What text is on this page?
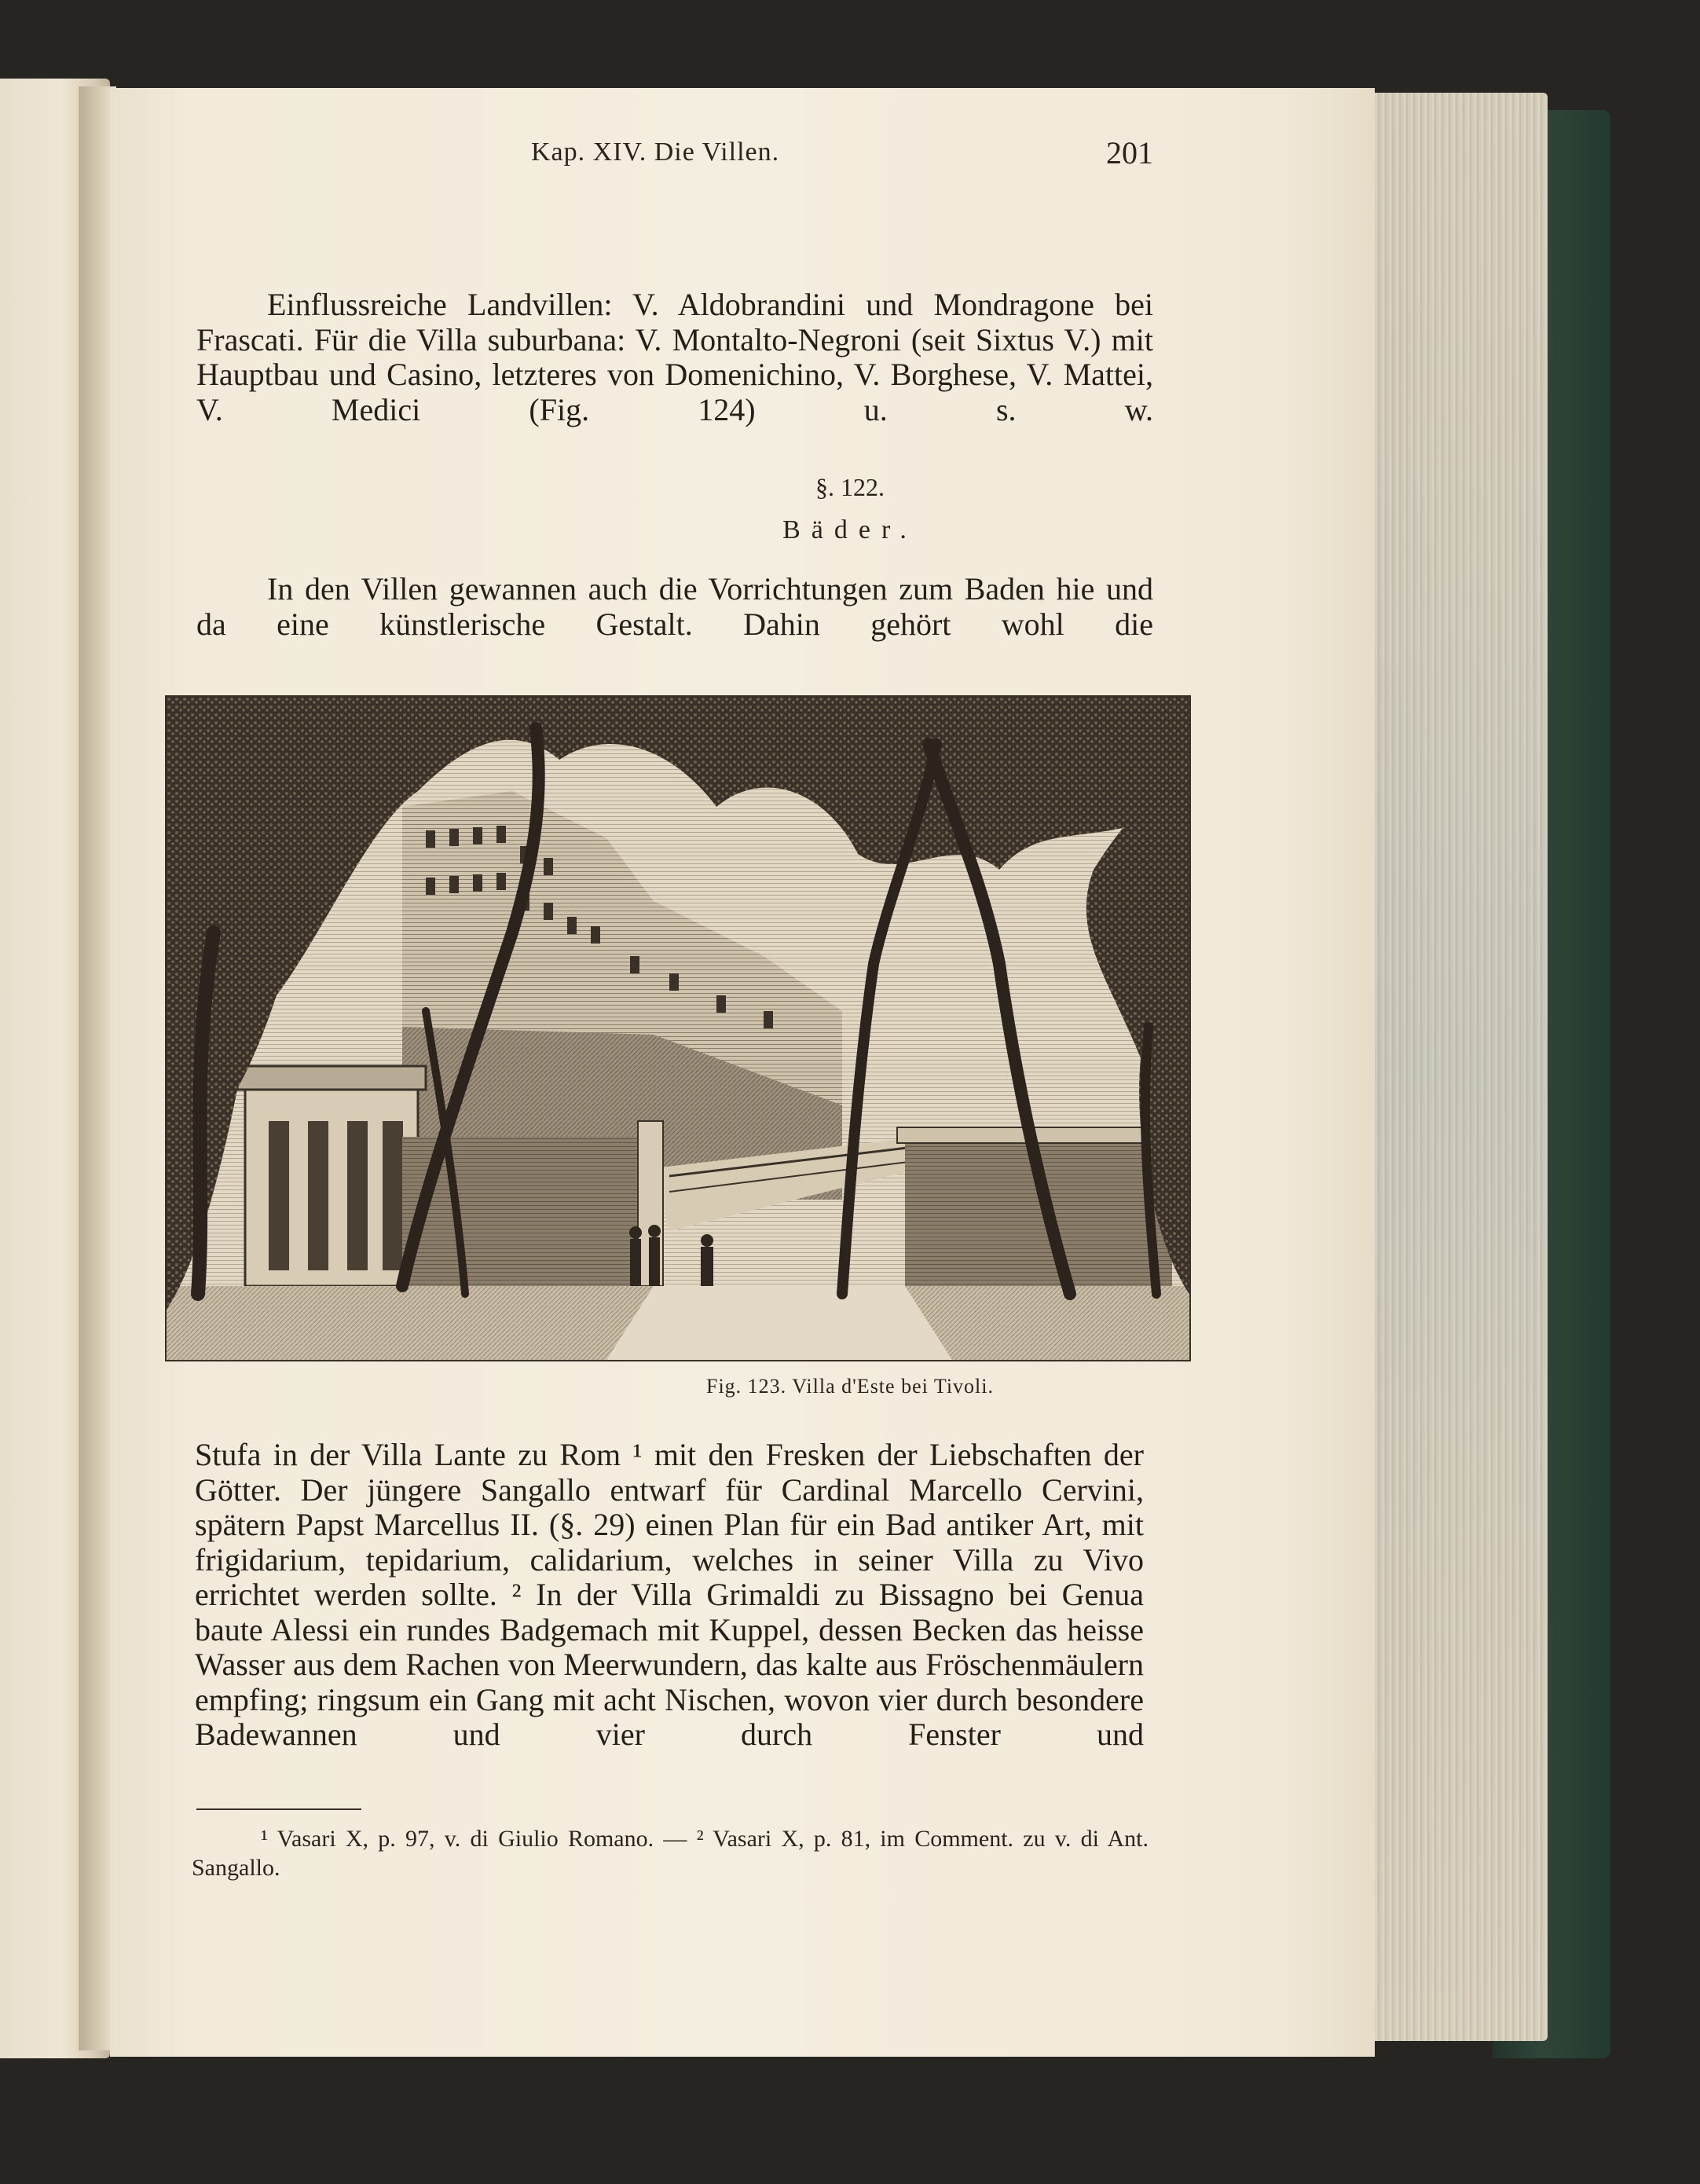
Kap. XIV. Die Villen.	201

Einflussreiche Landvillen: V. Aldobrandini und Mondragone bei Frascati. Für die Villa suburbana: V. Montalto-Negroni (seit Sixtus V.) mit Hauptbau und Casino, letzteres von Domenichino, V. Borghese, V. Mattei, V. Medici (Fig. 124) u. s. w.

§. 122.
Bäder.

In den Villen gewannen auch die Vorrichtungen zum Baden hie und da eine künstlerische Gestalt. Dahin gehört wohl die

Fig. 123. Villa d'Este bei Tivoli.

Stufa in der Villa Lante zu Rom ¹ mit den Fresken der Liebschaften der Götter. Der jüngere Sangallo entwarf für Cardinal Marcello Cervini, spätern Papst Marcellus II. (§. 29) einen Plan für ein Bad antiker Art, mit frigidarium, tepidarium, calidarium, welches in seiner Villa zu Vivo errichtet werden sollte. ² In der Villa Grimaldi zu Bissagno bei Genua baute Alessi ein rundes Badgemach mit Kuppel, dessen Becken das heisse Wasser aus dem Rachen von Meerwundern, das kalte aus Fröschenmäulern empfing; ringsum ein Gang mit acht Nischen, wovon vier durch besondere Badewannen und vier durch Fenster und

¹ Vasari X, p. 97, v. di Giulio Romano. — ² Vasari X, p. 81, im Comment. zu v. di Ant. Sangallo.
